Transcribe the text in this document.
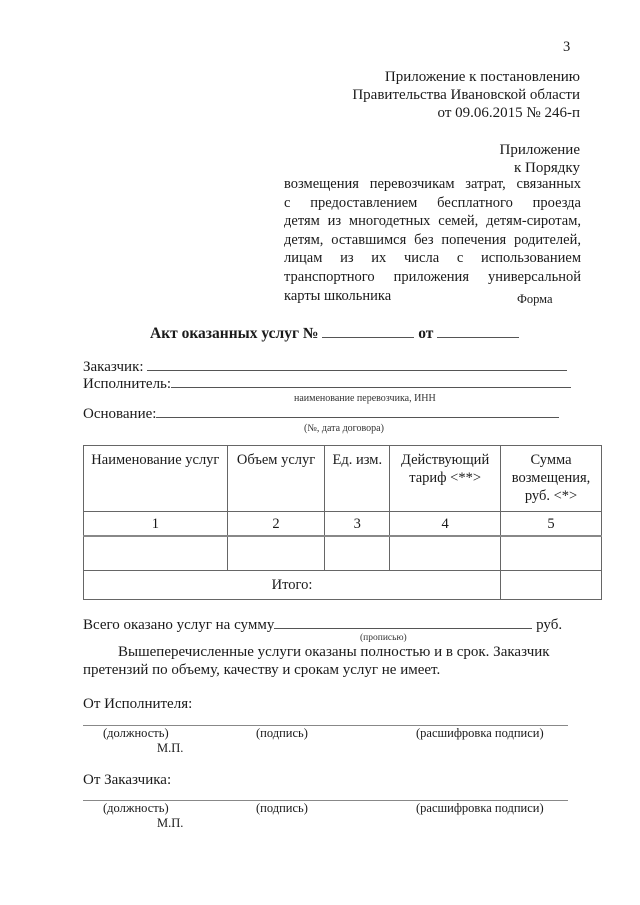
3
Приложение к постановлению
Правительства Ивановской области
от 09.06.2015 № 246-п
Приложение
к Порядку
возмещения перевозчикам затрат, связанных
с предоставлением бесплатного проезда
детям из многодетных семей, детям-сиротам,
детям, оставшимся без попечения родителей,
лицам из их числа с использованием
транспортного приложения универсальной
карты школьника	Форма
Акт оказанных услуг №	от
Заказчик:
Исполнитель:
наименование перевозчика, ИНН
Основание:
(№, дата договора)
Наименование услуг	Объем услуг	Ед. изм.	Действующий тариф <**>	Сумма возмещения, руб. <*>
1	2	3	4	5

Итого:				
Всего оказано услуг на сумму	руб.
(прописью)
Вышеперечисленные услуги оказаны полностью и в срок. Заказчик
претензий по объему, качеству и срокам услуг не имеет.
От Исполнителя:
(должность)	(подпись)	(расшифровка подписи)
М.П.
От Заказчика:
(должность)	(подпись)	(расшифровка подписи)
М.П.
